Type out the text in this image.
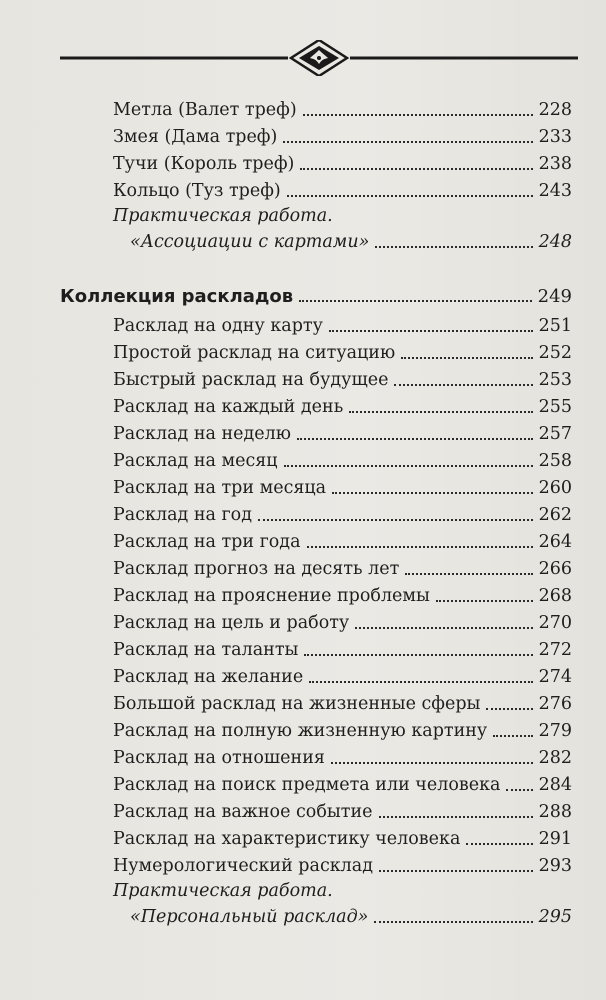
Метла (Валет треф)	228
Змея (Дама треф)	233
Тучи (Король треф)	238
Кольцо (Туз треф)	243
Практическая работа.
«Ассоциации с картами»	248
Коллекция раскладов	249
Расклад на одну карту	251
Простой расклад на ситуацию	252
Быстрый расклад на будущее	253
Расклад на каждый день	255
Расклад на неделю	257
Расклад на месяц	258
Расклад на три месяца	260
Расклад на год	262
Расклад на три года	264
Расклад прогноз на десять лет	266
Расклад на прояснение проблемы	268
Расклад на цель и работу	270
Расклад на таланты	272
Расклад на желание	274
Большой расклад на жизненные сферы	276
Расклад на полную жизненную картину	279
Расклад на отношения	282
Расклад на поиск предмета или человека	284
Расклад на важное событие	288
Расклад на характеристику человека	291
Нумерологический расклад	293
Практическая работа.
«Персональный расклад»	295
